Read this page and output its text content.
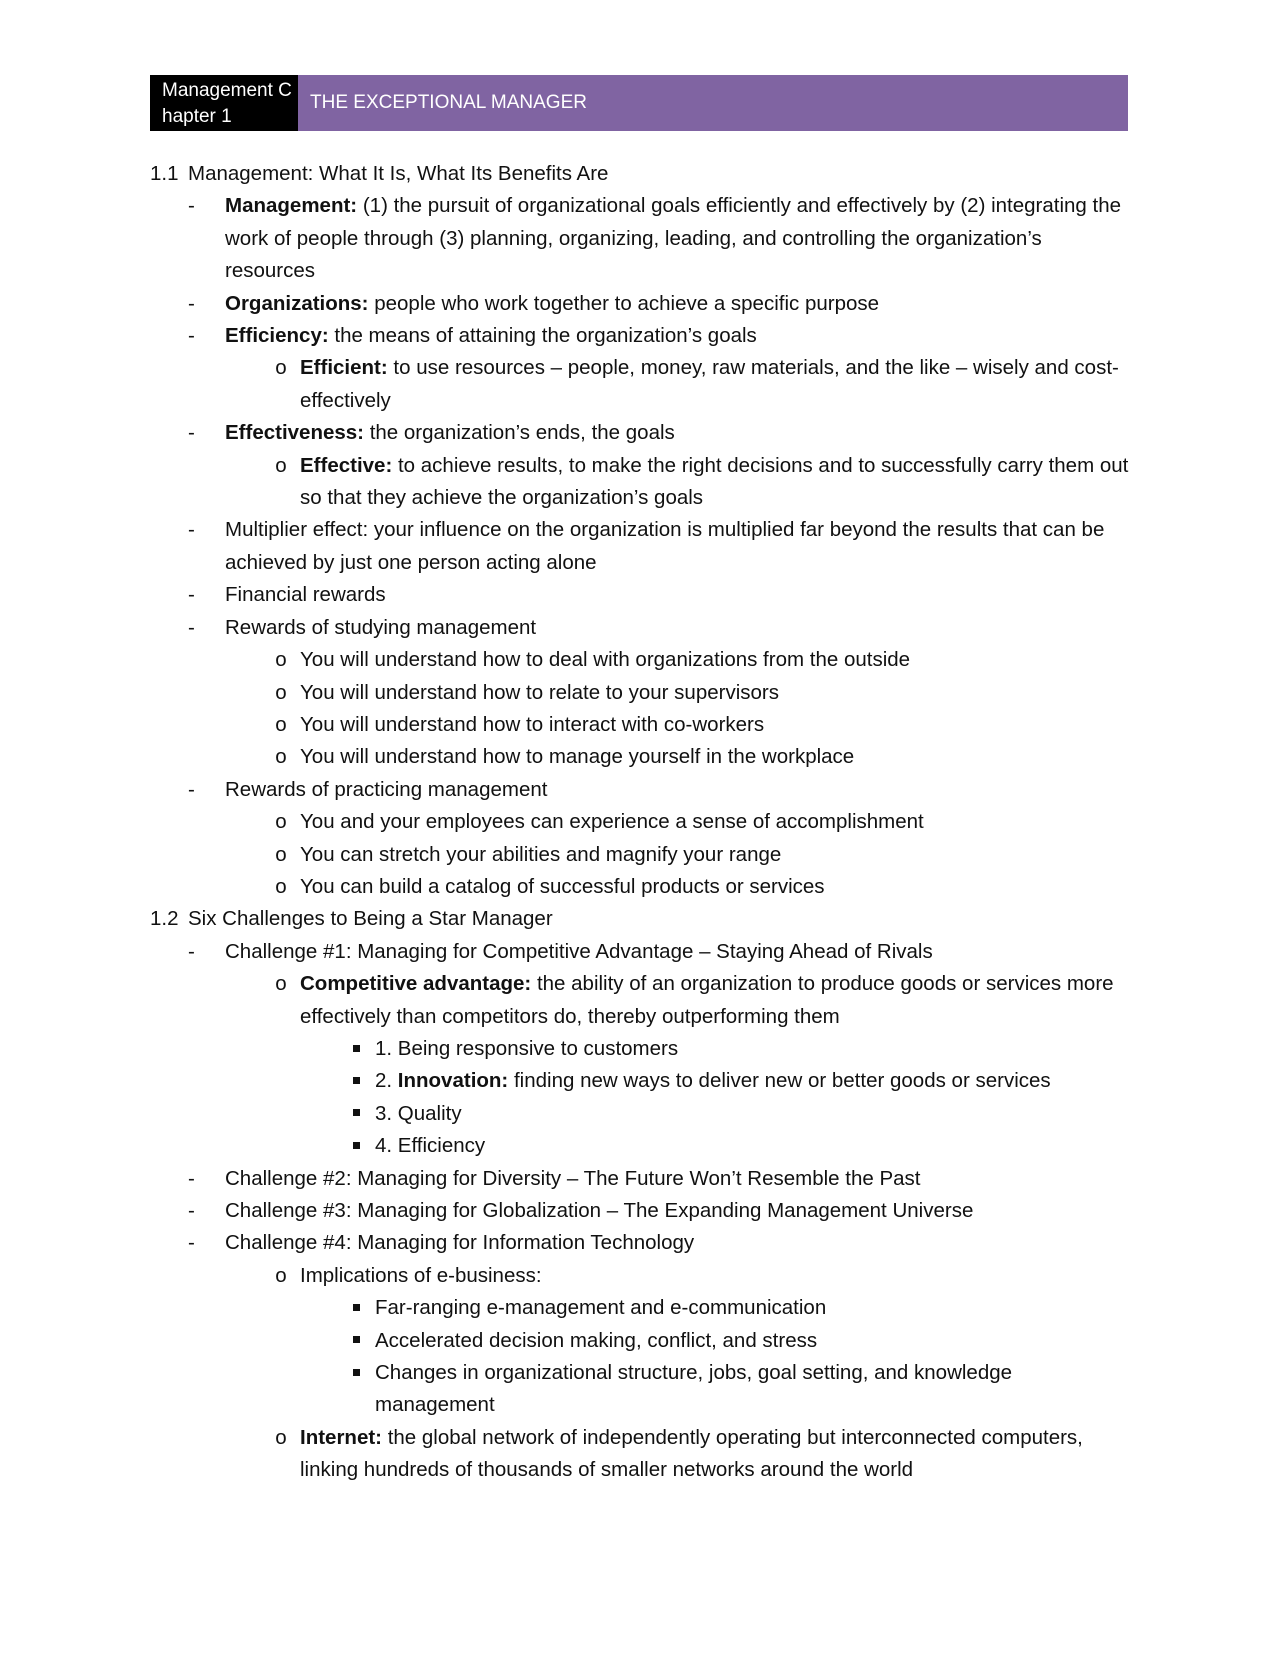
Management Chapter 1
THE EXCEPTIONAL MANAGER
1.1 Management: What It Is, What Its Benefits Are
-	Management: (1) the pursuit of organizational goals efficiently and effectively by (2) integrating the work of people through (3) planning, organizing, leading, and controlling the organization’s resources
-	Organizations: people who work together to achieve a specific purpose
-	Efficiency: the means of attaining the organization’s goals
o Efficient: to use resources – people, money, raw materials, and the like – wisely and cost-effectively
-	Effectiveness: the organization’s ends, the goals
o Effective: to achieve results, to make the right decisions and to successfully carry them out so that they achieve the organization’s goals
-	Multiplier effect: your influence on the organization is multiplied far beyond the results that can be achieved by just one person acting alone
-	Financial rewards
-	Rewards of studying management
o You will understand how to deal with organizations from the outside
o You will understand how to relate to your supervisors
o You will understand how to interact with co-workers
o You will understand how to manage yourself in the workplace
-	Rewards of practicing management
o You and your employees can experience a sense of accomplishment
o You can stretch your abilities and magnify your range
o You can build a catalog of successful products or services
1.2 Six Challenges to Being a Star Manager
-	Challenge #1: Managing for Competitive Advantage – Staying Ahead of Rivals
o Competitive advantage: the ability of an organization to produce goods or services more effectively than competitors do, thereby outperforming them
1. Being responsive to customers
2. Innovation: finding new ways to deliver new or better goods or services
3. Quality
4. Efficiency
-	Challenge #2: Managing for Diversity – The Future Won’t Resemble the Past
-	Challenge #3: Managing for Globalization – The Expanding Management Universe
-	Challenge #4: Managing for Information Technology
o Implications of e-business:
Far-ranging e-management and e-communication
Accelerated decision making, conflict, and stress
Changes in organizational structure, jobs, goal setting, and knowledge management
o Internet: the global network of independently operating but interconnected computers, linking hundreds of thousands of smaller networks around the world
